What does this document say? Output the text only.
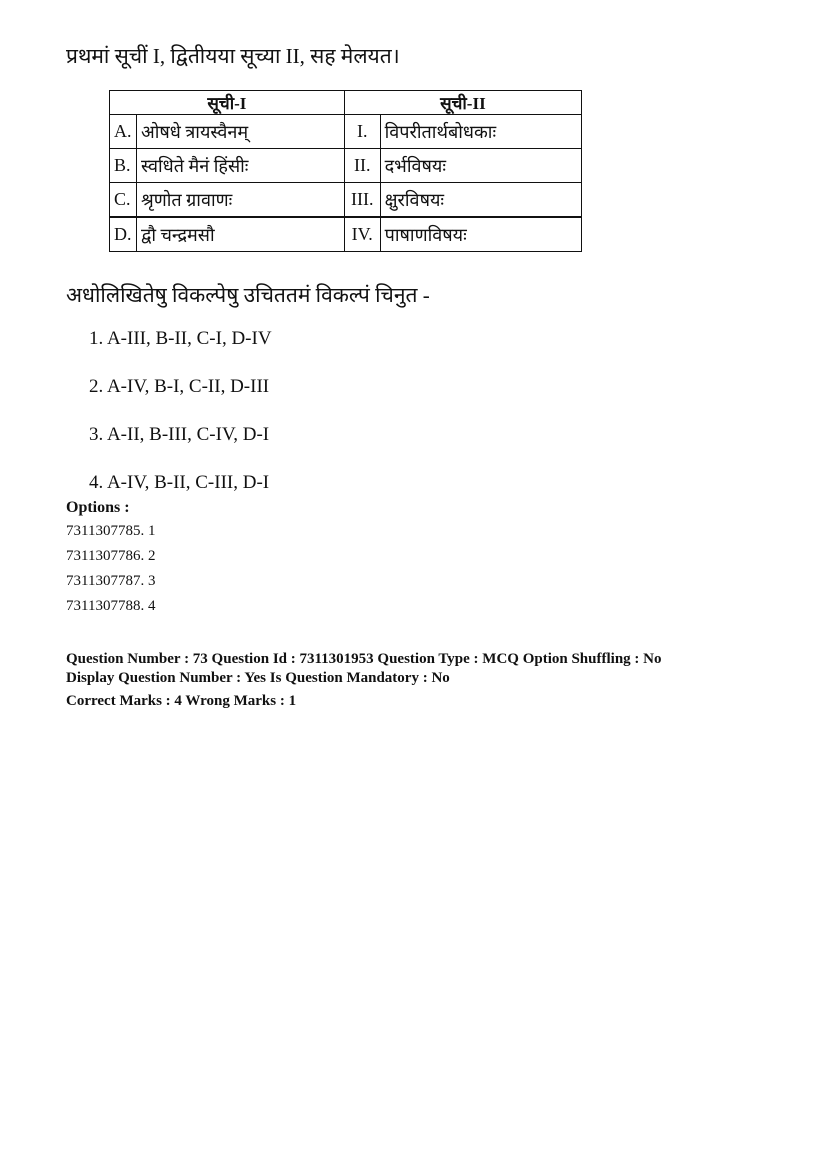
प्रथमां सूचीं I, द्वितीयया सूच्या II, सह मेलयत।
सूची-I		सूची-II	
A.	ओषधे त्रायस्वैनम्	I.	विपरीतार्थबोधकाः
B.	स्वधिते मैनं हिंसीः	II.	दर्भविषयः
C.	श्रृणोत ग्रावाणः	III.	क्षुरविषयः
D.	द्वौ चन्द्रमसौ	IV.	पाषाणविषयः
अधोलिखितेषु विकल्पेषु उचिततमं विकल्पं चिनुत -
1. A-III, B-II, C-I, D-IV
2. A-IV, B-I, C-II, D-III
3. A-II, B-III, C-IV, D-I
4. A-IV, B-II, C-III, D-I
Options :
7311307785. 1
7311307786. 2
7311307787. 3
7311307788. 4
Question Number : 73 Question Id : 7311301953 Question Type : MCQ Option Shuffling : No
Display Question Number : Yes Is Question Mandatory : No
Correct Marks : 4 Wrong Marks : 1
